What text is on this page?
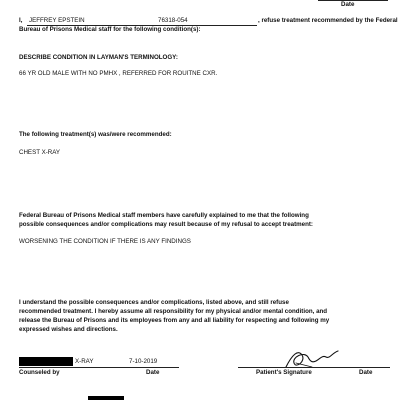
Date
I, JEFFREY EPSTEIN	76318-054	, refuse treatment recommended by the Federal
Bureau of Prisons Medical staff for the following condition(s):
DESCRIBE CONDITION IN LAYMAN'S TERMINOLOGY:
66 YR OLD MALE WITH NO PMHX , REFERRED FOR ROUITNE CXR.
The following treatment(s) was/were recommended:
CHEST X-RAY
Federal Bureau of Prisons Medical staff members have carefully explained to me that the following
possible consequences and/or complications may result because of my refusal to accept treatment:
WORSENING THE CONDITION IF THERE IS ANY FINDINGS
I understand the possible consequences and/or complications, listed above, and still refuse
recommended treatment. I hereby assume all responsibility for my physical and/or mental condition, and
release the Bureau of Prisons and its employees from any and all liability for respecting and following my
expressed wishes and directions.
X-RAY	7-10-2019
Counseled by	Date	Patient's Signature	Date
